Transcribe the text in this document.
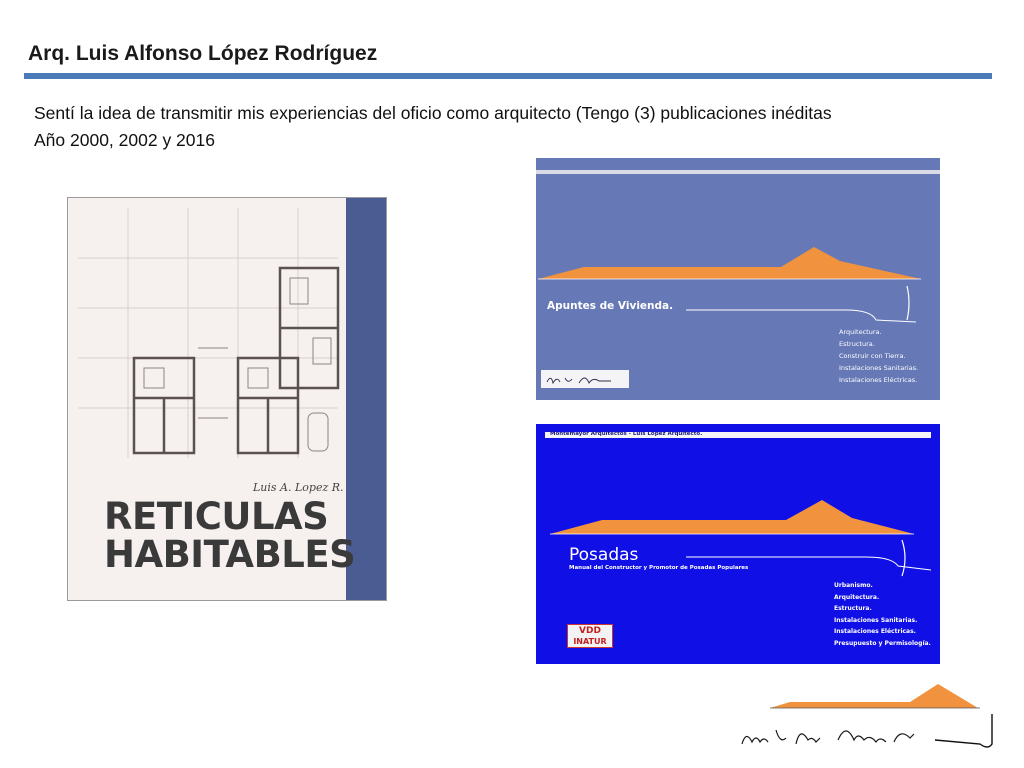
Arq. Luis Alfonso López Rodríguez
Sentí la idea de transmitir mis experiencias del oficio como arquitecto (Tengo (3) publicaciones inéditas
Año 2000, 2002 y 2016
Luis A. Lopez R.
RETICULAS
HABITABLES
Apuntes de Vivienda.
Arquitectura.
Estructura.
Construir con Tierra.
Instalaciones Sanitarias.
Instalaciones Eléctricas.
Montemayor Arquitectos - Luis López Arquitecto.
Posadas
Manual del Constructor y Promotor de Posadas Populares
Urbanismo.
Arquitectura.
Estructura.
Instalaciones Sanitarias.
Instalaciones Eléctricas.
Presupuesto y Permisología.
VDD
INATUR
